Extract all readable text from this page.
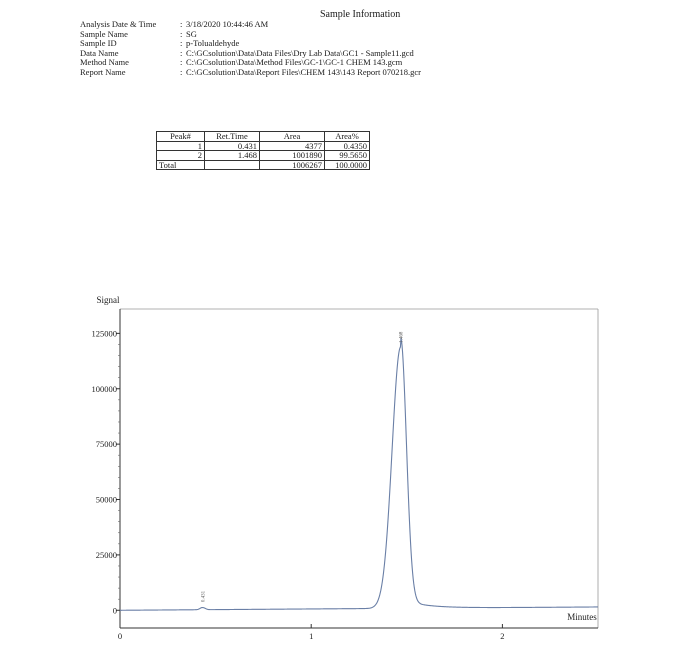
Sample Information
Analysis Date & Time	: 3/18/2020 10:44:46 AM
Sample Name	: SG
Sample ID	: p-Tolualdehyde
Data Name	: C:\GCsolution\Data\Data Files\Dry Lab Data\GC1 - Sample11.gcd
Method Name	: C:\GCsolution\Data\Method Files\GC-1\GC-1 CHEM 143.gcm
Report Name	: C:\GCsolution\Data\Report Files\CHEM 143\143 Report 070218.gcr
Peak#	Ret.Time	Area	Area%
1	0.431	4377	0.4350
2	1.468	1001890	99.5650
Total		1006267	100.0000
0
25000
50000
75000
100000
125000
0	1	2
Signal
Minutes
0.431
1.468
